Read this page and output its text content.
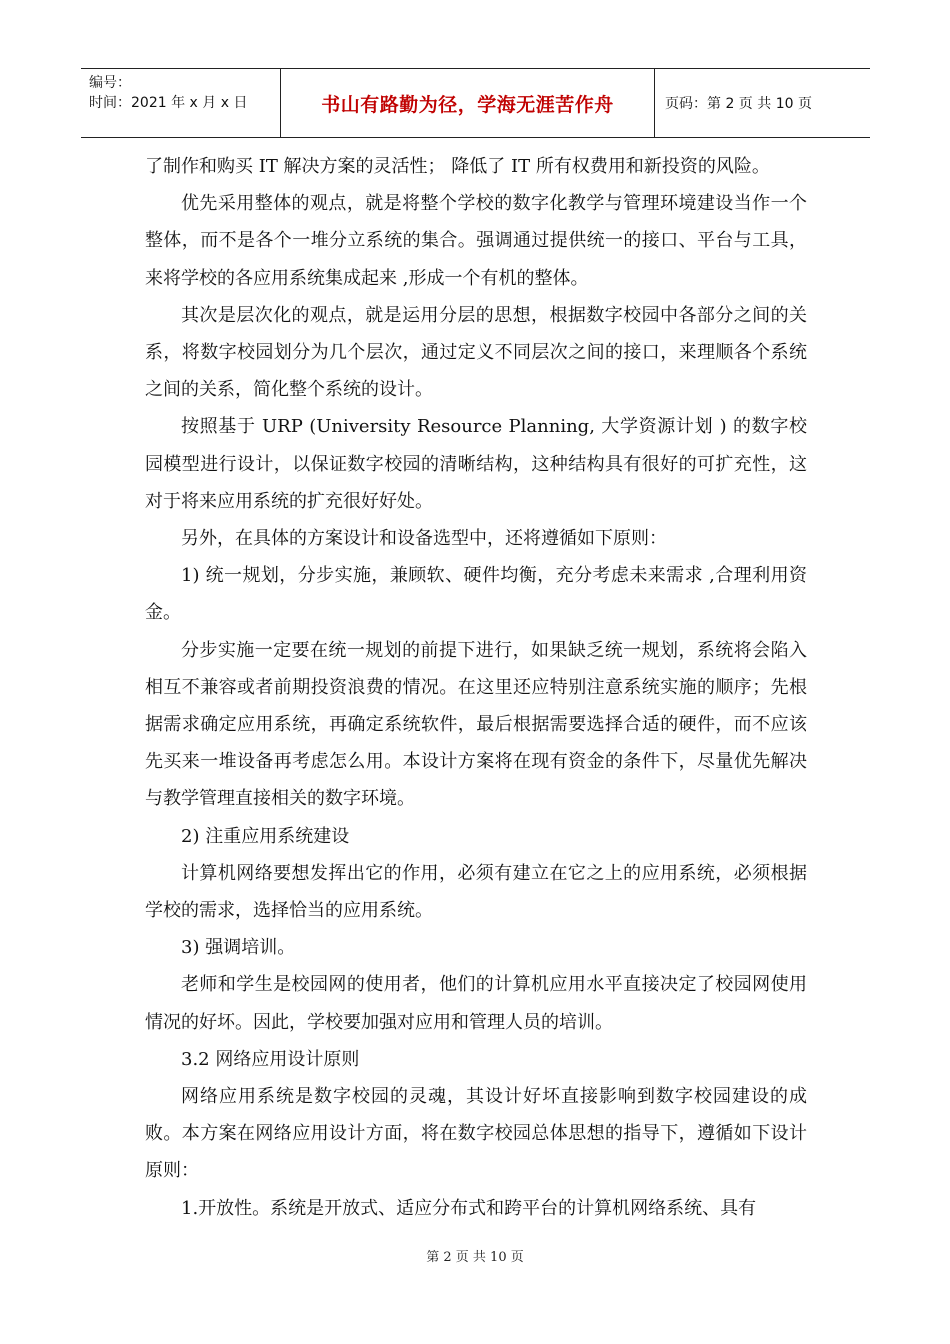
编号：
时间：2021 年 x 月 x 日	书山有路勤为径，学海无涯苦作舟	页码：第 2 页 共 10 页

了制作和购买 IT 解决方案的灵活性； 降低了 IT 所有权费用和新投资的风险。

优先采用整体的观点，就是将整个学校的数字化教学与管理环境建设当作一个整体，而不是各个一堆分立系统的集合。强调通过提供统一的接口、平台与工具，来将学校的各应用系统集成起来 ,形成一个有机的整体。

其次是层次化的观点，就是运用分层的思想，根据数字校园中各部分之间的关系，将数字校园划分为几个层次，通过定义不同层次之间的接口，来理顺各个系统之间的关系，简化整个系统的设计。

按照基于 URP (University Resource Planning, 大学资源计划 ) 的数字校园模型进行设计，以保证数字校园的清晰结构，这种结构具有很好的可扩充性，这对于将来应用系统的扩充很好好处。

另外，在具体的方案设计和设备选型中，还将遵循如下原则：

1) 统一规划，分步实施，兼顾软、硬件均衡，充分考虑未来需求 ,合理利用资金。

分步实施一定要在统一规划的前提下进行，如果缺乏统一规划，系统将会陷入相互不兼容或者前期投资浪费的情况。在这里还应特别注意系统实施的顺序；先根据需求确定应用系统，再确定系统软件，最后根据需要选择合适的硬件，而不应该先买来一堆设备再考虑怎么用。本设计方案将在现有资金的条件下，尽量优先解决与教学管理直接相关的数字环境。

2) 注重应用系统建设

计算机网络要想发挥出它的作用，必须有建立在它之上的应用系统，必须根据学校的需求，选择恰当的应用系统。

3) 强调培训。

老师和学生是校园网的使用者，他们的计算机应用水平直接决定了校园网使用情况的好坏。因此，学校要加强对应用和管理人员的培训。

3.2 网络应用设计原则

网络应用系统是数字校园的灵魂，其设计好坏直接影响到数字校园建设的成败。本方案在网络应用设计方面，将在数字校园总体思想的指导下，遵循如下设计原则：

1.开放性。系统是开放式、适应分布式和跨平台的计算机网络系统、具有

第 2 页 共 10 页
